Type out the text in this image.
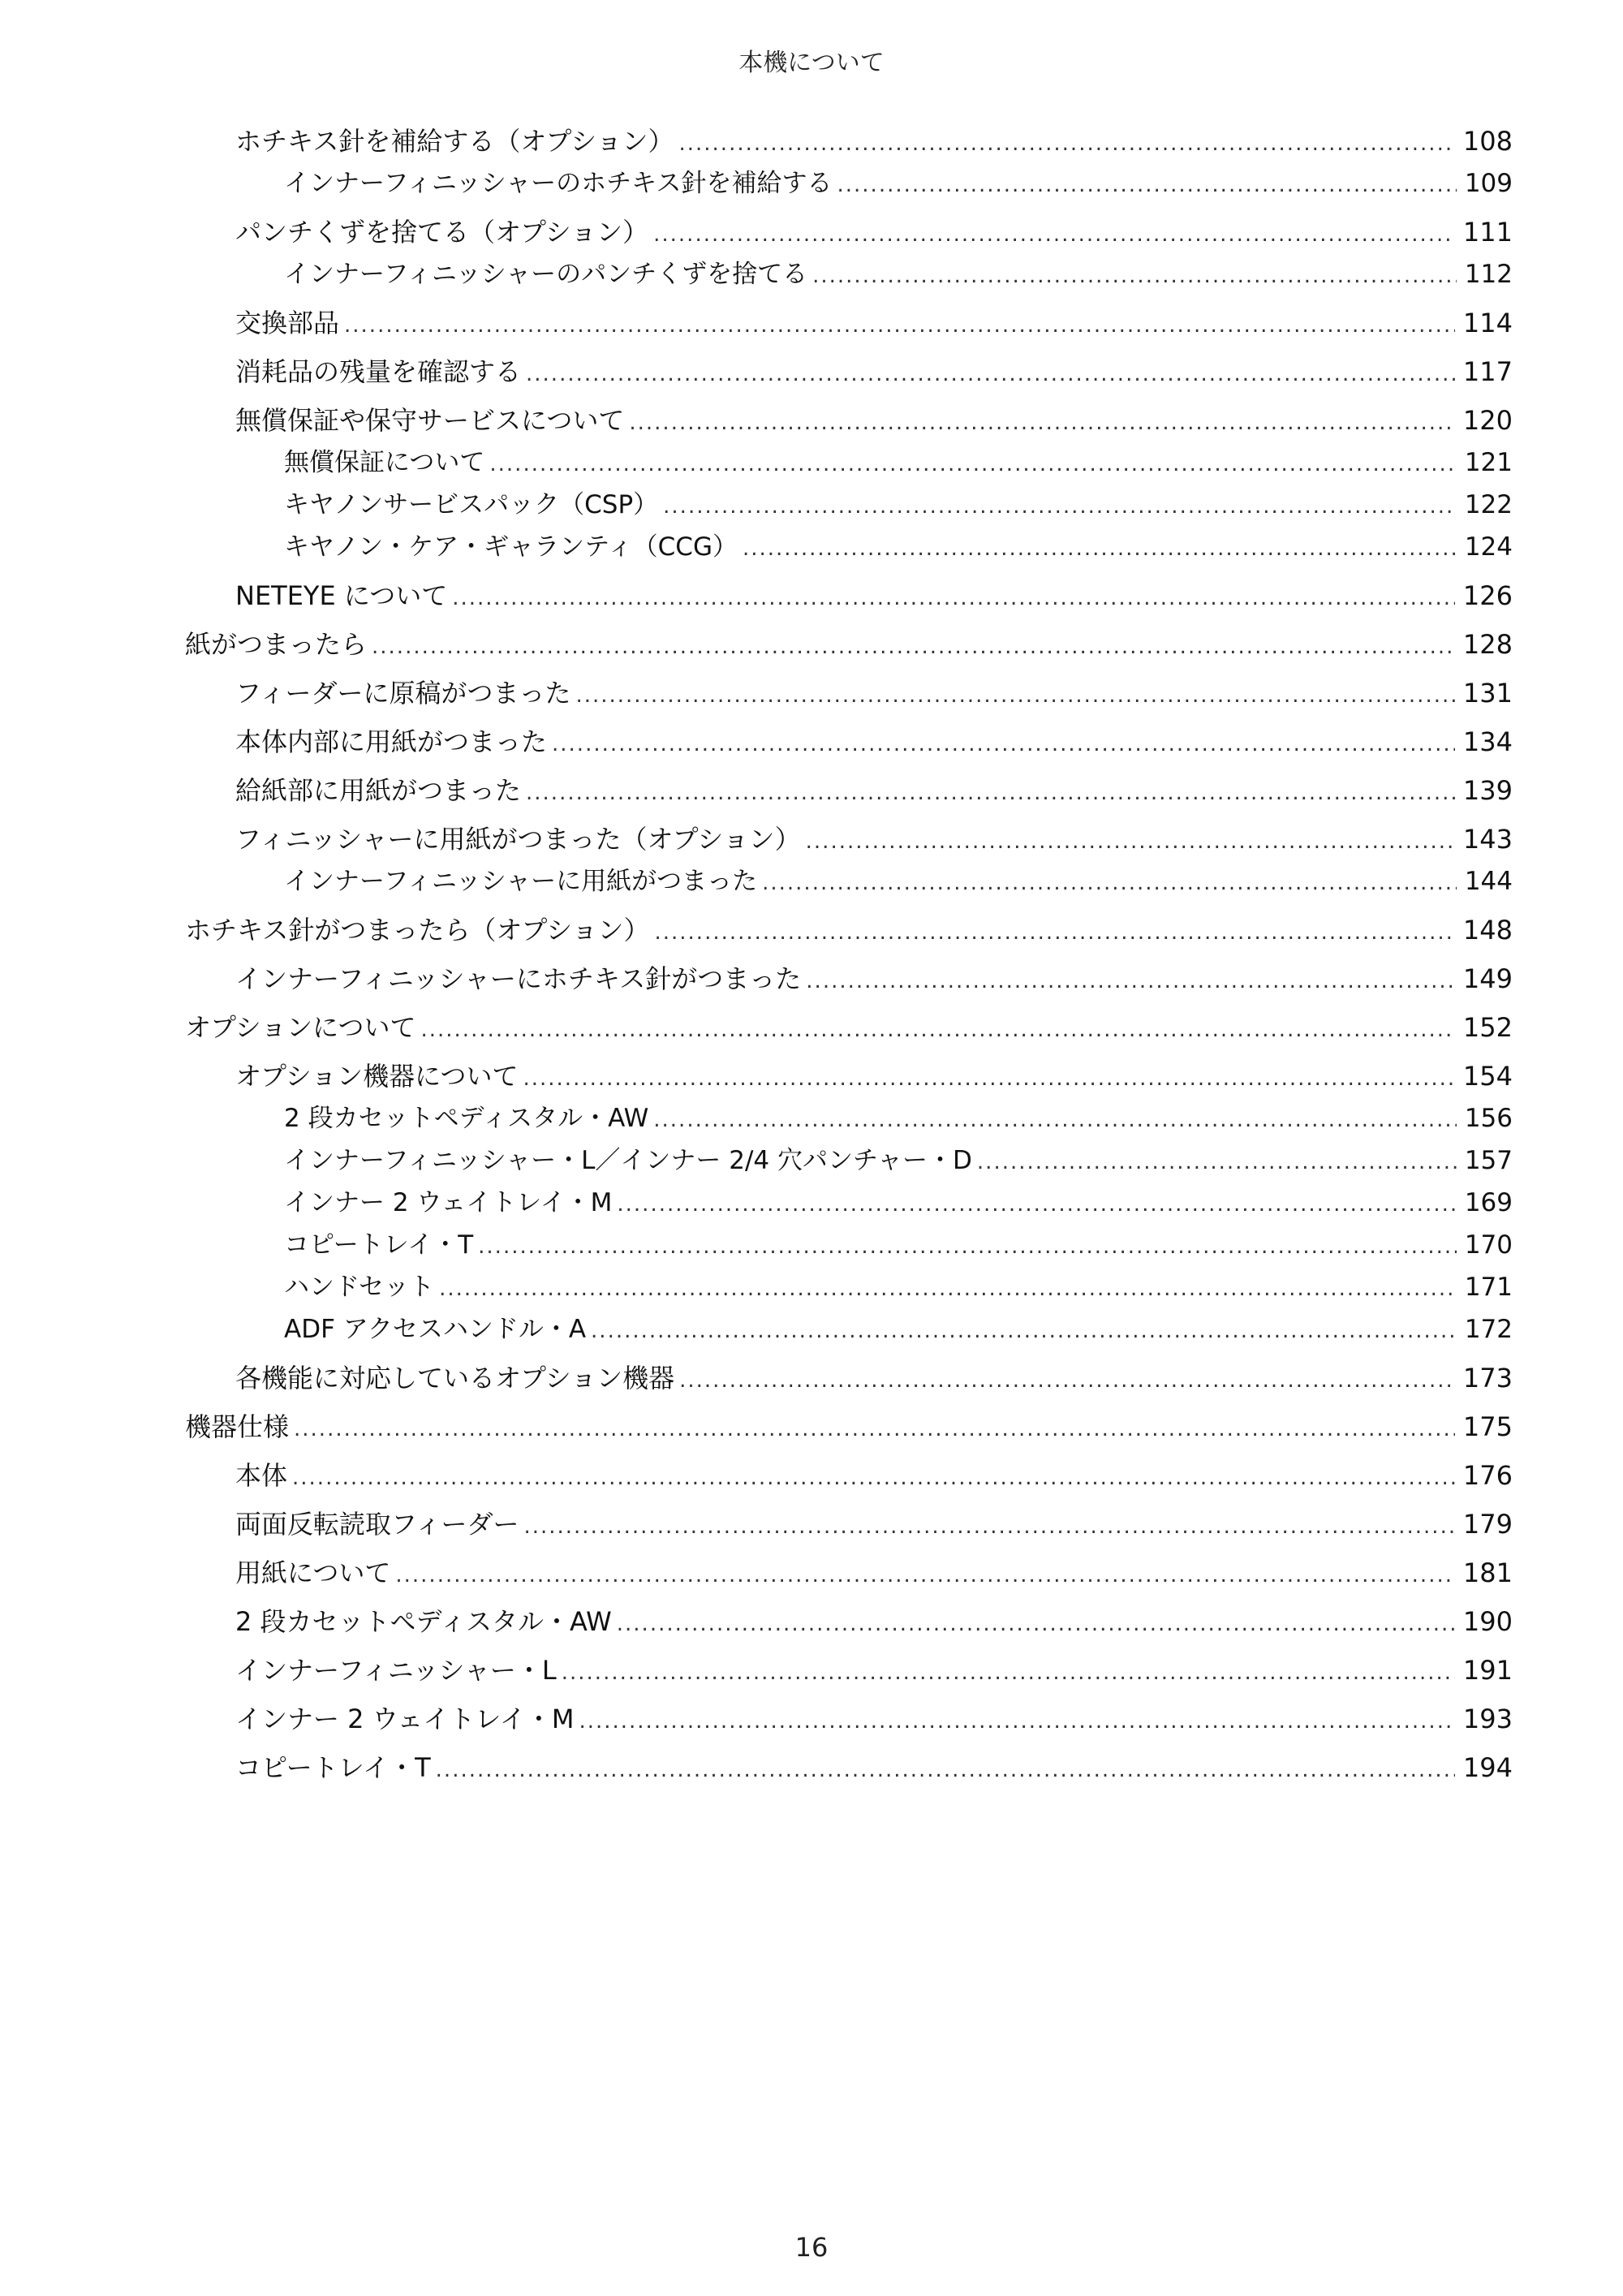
本機について
ホチキス針を補給する（オプション） .....	108
インナーフィニッシャーのホチキス針を補給する .....	109
パンチくずを捨てる（オプション） .....	111
インナーフィニッシャーのパンチくずを捨てる .....	112
交換部品 .....	114
消耗品の残量を確認する .....	117
無償保証や保守サービスについて .....	120
無償保証について .....	121
キヤノンサービスパック（CSP） .....	122
キヤノン・ケア・ギャランティ（CCG） .....	124
NETEYE について .....	126
紙がつまったら .....	128
フィーダーに原稿がつまった .....	131
本体内部に用紙がつまった .....	134
給紙部に用紙がつまった .....	139
フィニッシャーに用紙がつまった（オプション） .....	143
インナーフィニッシャーに用紙がつまった .....	144
ホチキス針がつまったら（オプション） .....	148
インナーフィニッシャーにホチキス針がつまった .....	149
オプションについて .....	152
オプション機器について .....	154
2 段カセットペディスタル・AW .....	156
インナーフィニッシャー・L／インナー 2/4 穴パンチャー・D .....	157
インナー 2 ウェイトレイ・M .....	169
コピートレイ・T .....	170
ハンドセット .....	171
ADF アクセスハンドル・A .....	172
各機能に対応しているオプション機器 .....	173
機器仕様 .....	175
本体 .....	176
両面反転読取フィーダー .....	179
用紙について .....	181
2 段カセットペディスタル・AW .....	190
インナーフィニッシャー・L .....	191
インナー 2 ウェイトレイ・M .....	193
コピートレイ・T .....	194
16
